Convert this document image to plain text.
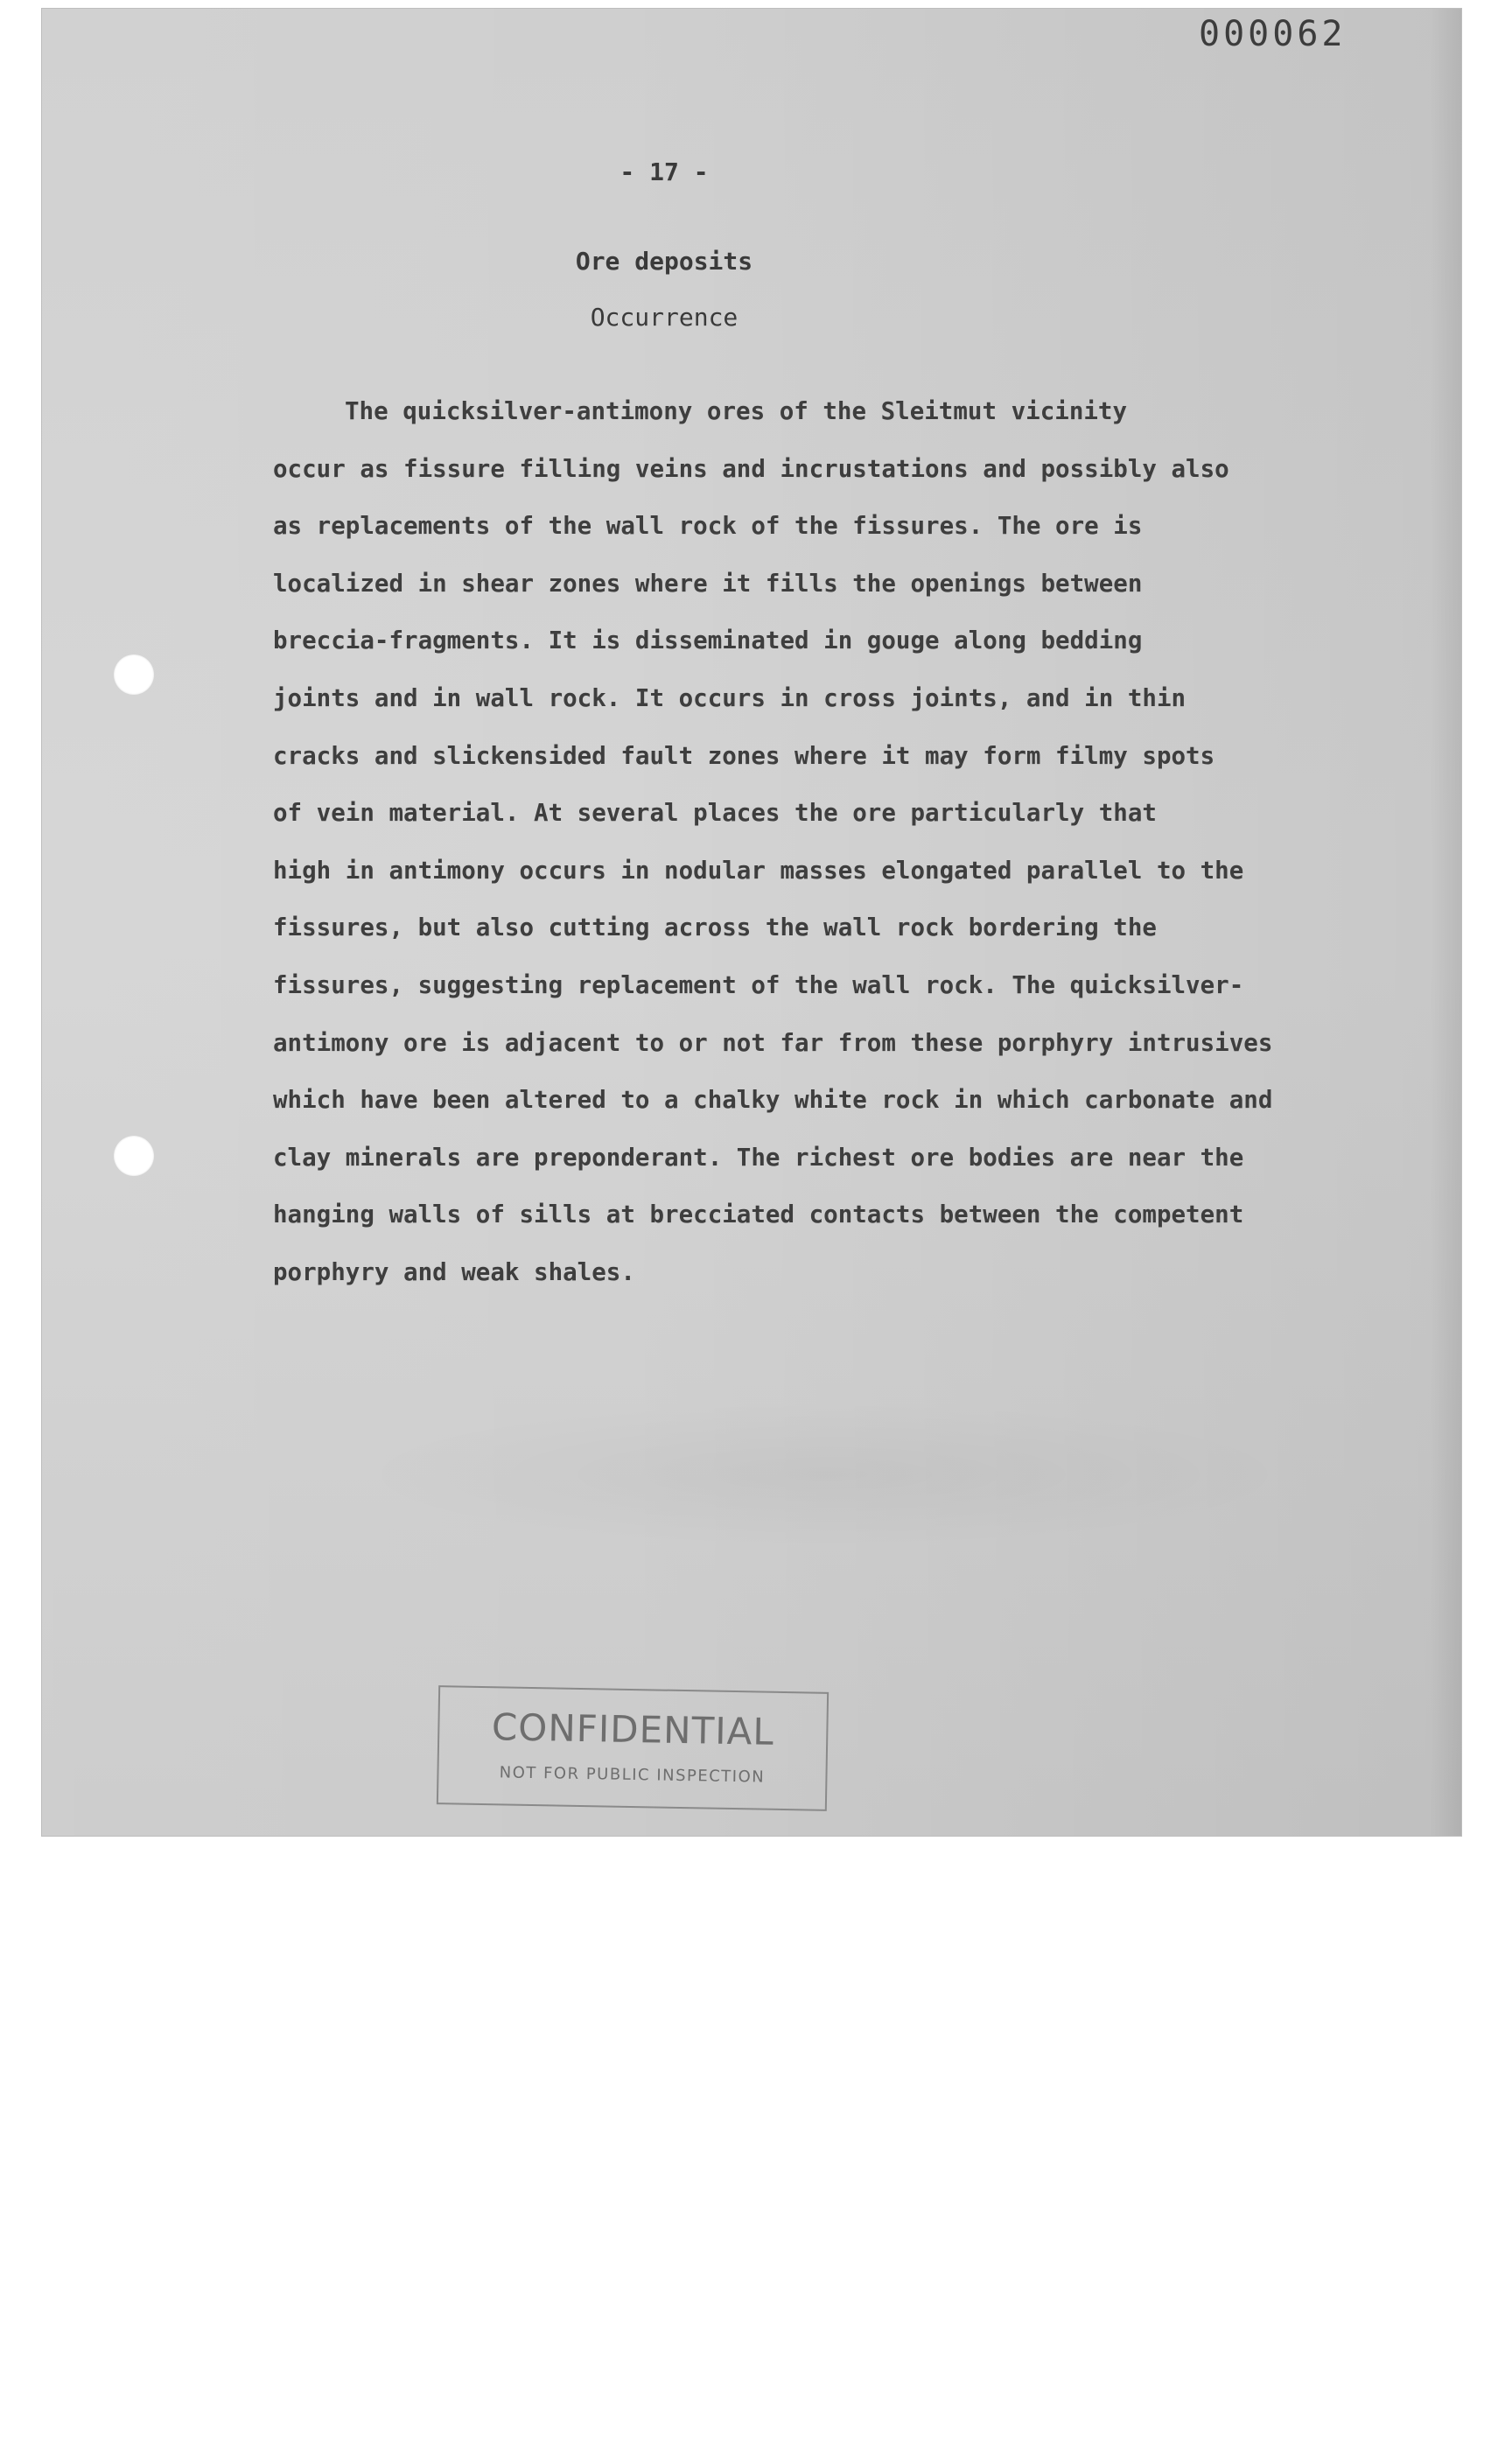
000062
- 17 -
Ore deposits
Occurrence
The quicksilver-antimony ores of the Sleitmut vicinity
occur as fissure filling veins and incrustations and possibly also
as replacements of the wall rock of the fissures. The ore is
localized in shear zones where it fills the openings between
breccia-fragments. It is disseminated in gouge along bedding
joints and in wall rock. It occurs in cross joints, and in thin
cracks and slickensided fault zones where it may form filmy spots
of vein material. At several places the ore particularly that
high in antimony occurs in nodular masses elongated parallel to the
fissures, but also cutting across the wall rock bordering the
fissures, suggesting replacement of the wall rock. The quicksilver-
antimony ore is adjacent to or not far from these porphyry intrusives
which have been altered to a chalky white rock in which carbonate and
clay minerals are preponderant. The richest ore bodies are near the
hanging walls of sills at brecciated contacts between the competent
porphyry and weak shales.
CONFIDENTIAL
NOT FOR PUBLIC INSPECTION
